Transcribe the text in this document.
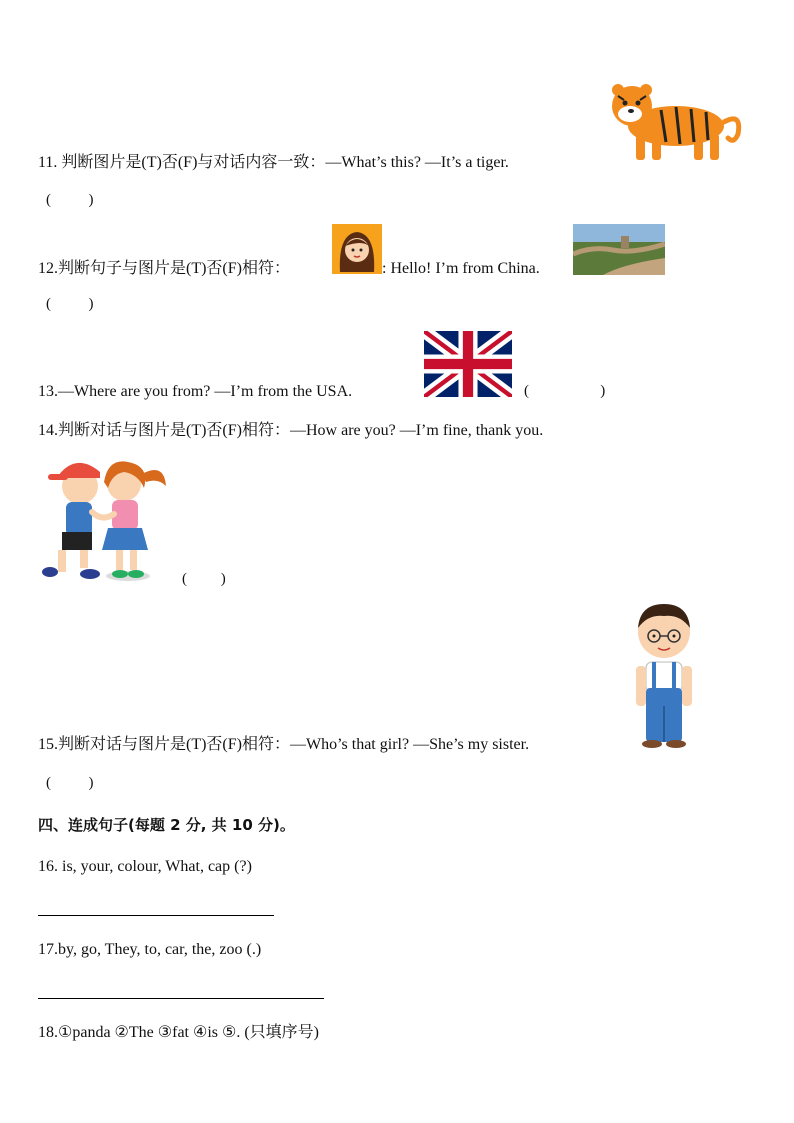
11. 判断图片是(T)否(F)与对话内容一致：—What’s this? —It’s a tiger.
(          )
12.判断句子与图片是(T)否(F)相符：	: Hello! I’m from China.
(          )
13.—Where are you from? —I’m from the USA.	(                   )
14.判断对话与图片是(T)否(F)相符：—How are you? —I’m fine, thank you.
(         )
15.判断对话与图片是(T)否(F)相符：—Who’s that girl? —She’s my sister.
(          )
四、连成句子(每题 2 分, 共 10 分)。
16. is, your, colour, What, cap (?)
17.by, go, They, to, car, the, zoo (.)
18.①panda ②The ③fat ④is ⑤. (只填序号)
